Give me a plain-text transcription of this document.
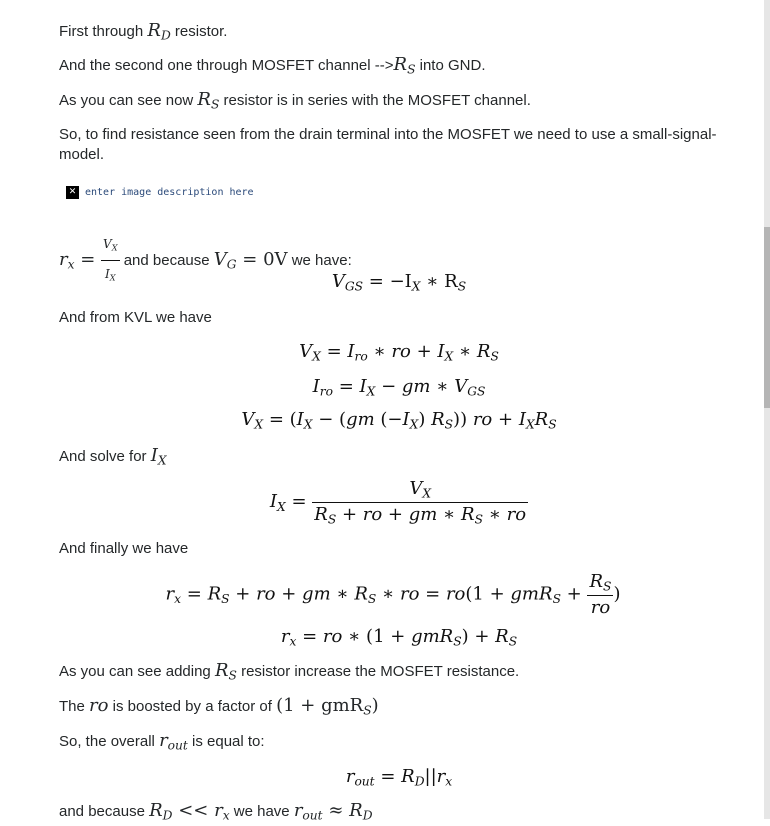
First through $R_D$ resistor.
And the second one through MOSFET channel $-->R_S$ into GND.
As you can see now $R_S$ resistor is in series with the MOSFET channel.
So, to find resistance seen from the drain terminal into the MOSFET we need to use a small-signal-model.
✕ enter image description here
$r_x = \frac{V_X}{I_X}$ and because $V_G = 0V$ we have:
$V_{GS} = -I_X$ ∗ $R_S$
And from KVL we have
$V_X = I_{ro}$ ∗ ro + $I_X$ ∗ $R_S$
$I_{ro} = I_X$ − gm ∗ $V_{GS}$
$V_X = (I_X - (gm$ $(-I_X)$ $R_S$)) ro + $I_XR_S$
And solve for $I_X$
$I_X = \frac{V_X}{R_S + ro + gm ∗ R_S ∗ ro}$
And finally we have
$r_x = R_S$ + ro + gm ∗ $R_S$ ∗ ro = $ro(1 + gmR_S + \frac{R_S}{ro}$ )
$r_x$ = ro ∗ $(1 + gmR_S) + R_S$
As you can see adding $R_S$ resistor increase the MOSFET resistance.
The ro is boosted by a factor of (1 + gmR$_S$)
So, the overall $r_{out}$ is equal to:
$r_{out} = R_D||r_x$
and because $R_D << r_x$ we have $r_{out} \approx R_D$
